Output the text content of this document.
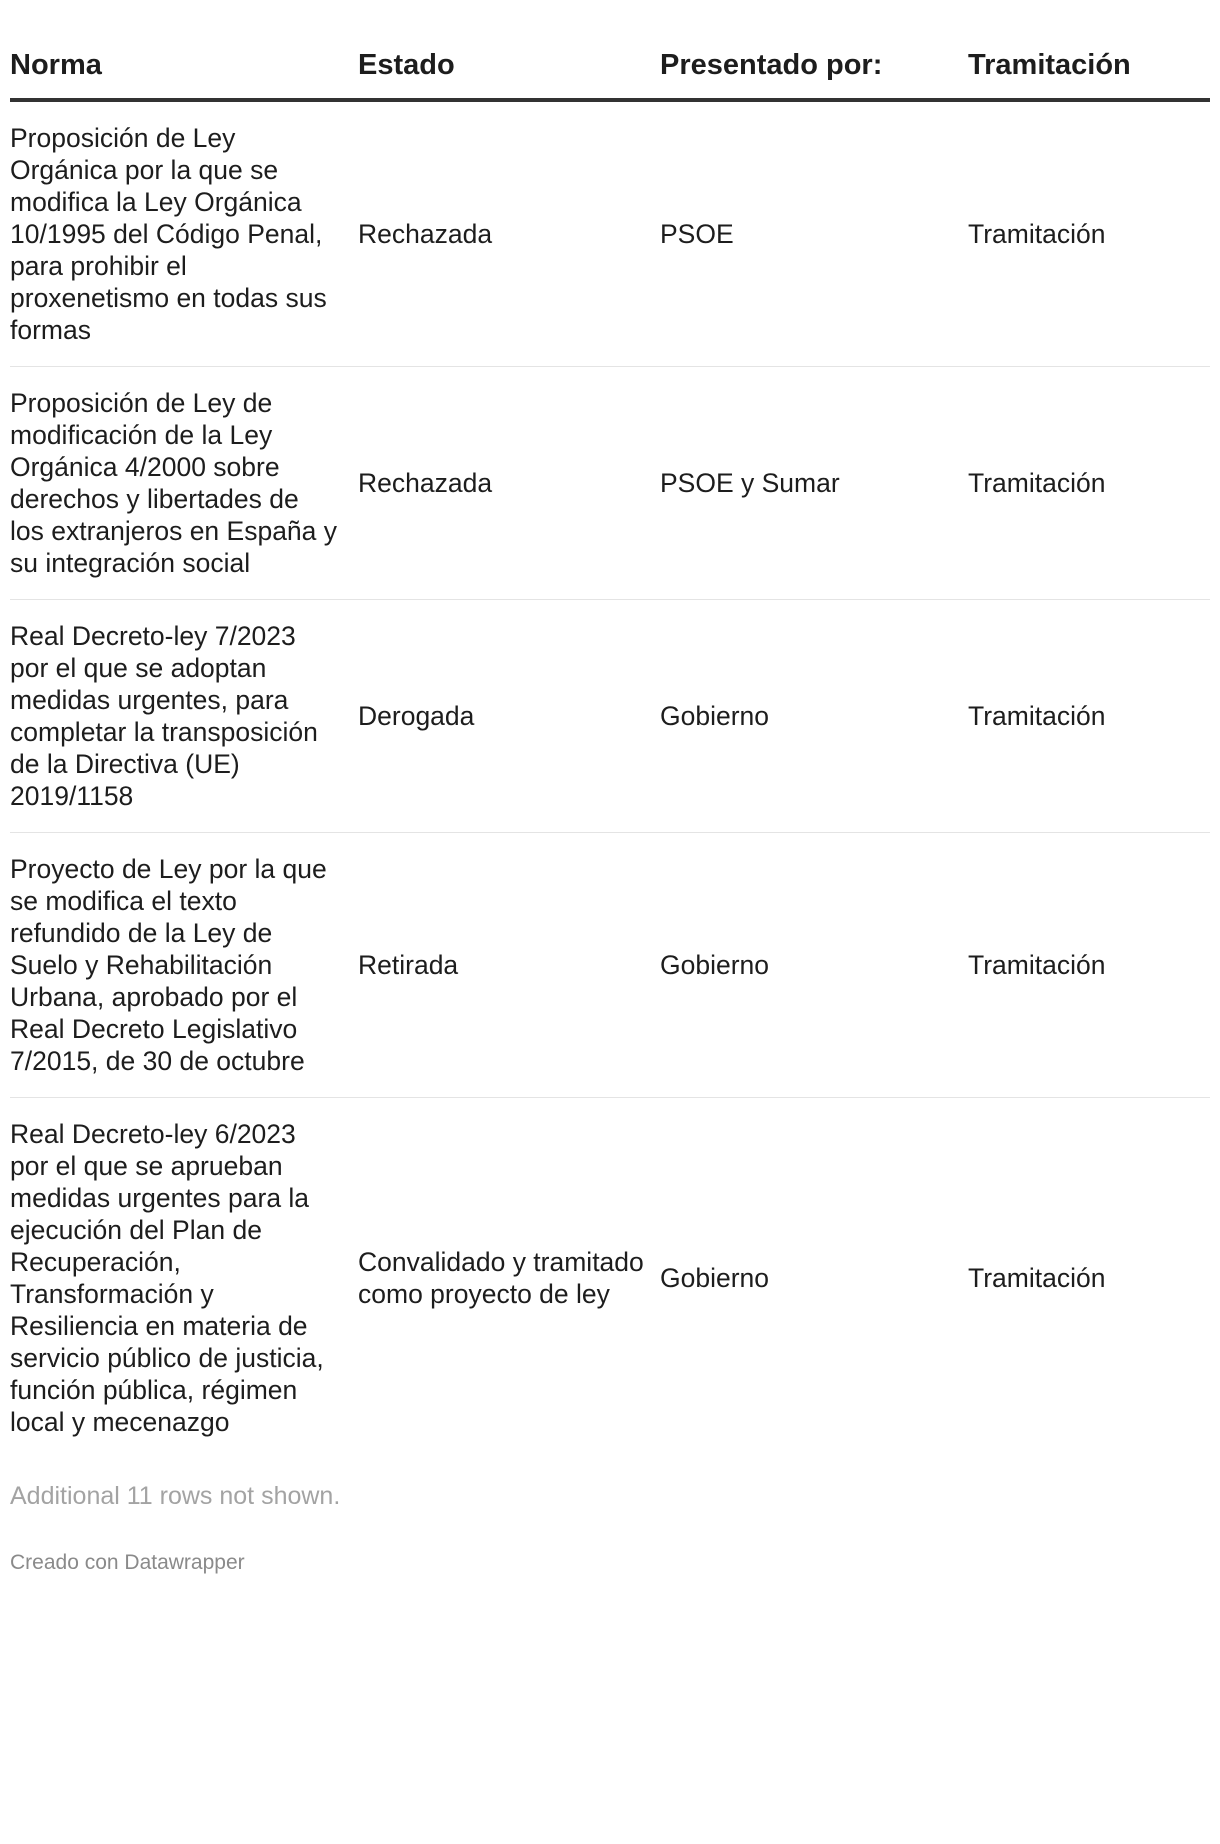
Norma	Estado	Presentado por:	Tramitación
Proposición de Ley Orgánica por la que se modifica la Ley Orgánica 10/1995 del Código Penal, para prohibir el proxenetismo en todas sus formas	Rechazada	PSOE	Tramitación
Proposición de Ley de modificación de la Ley Orgánica 4/2000 sobre derechos y libertades de los extranjeros en España y su integración social	Rechazada	PSOE y Sumar	Tramitación
Real Decreto-ley 7/2023 por el que se adoptan medidas urgentes, para completar la transposición de la Directiva (UE) 2019/1158	Derogada	Gobierno	Tramitación
Proyecto de Ley por la que se modifica el texto refundido de la Ley de Suelo y Rehabilitación Urbana, aprobado por el Real Decreto Legislativo 7/2015, de 30 de octubre	Retirada	Gobierno	Tramitación
Real Decreto-ley 6/2023 por el que se aprueban medidas urgentes para la ejecución del Plan de Recuperación, Transformación y Resiliencia en materia de servicio público de justicia, función pública, régimen local y mecenazgo	Convalidado y tramitado como proyecto de ley	Gobierno	Tramitación
Additional 11 rows not shown.
Creado con Datawrapper
